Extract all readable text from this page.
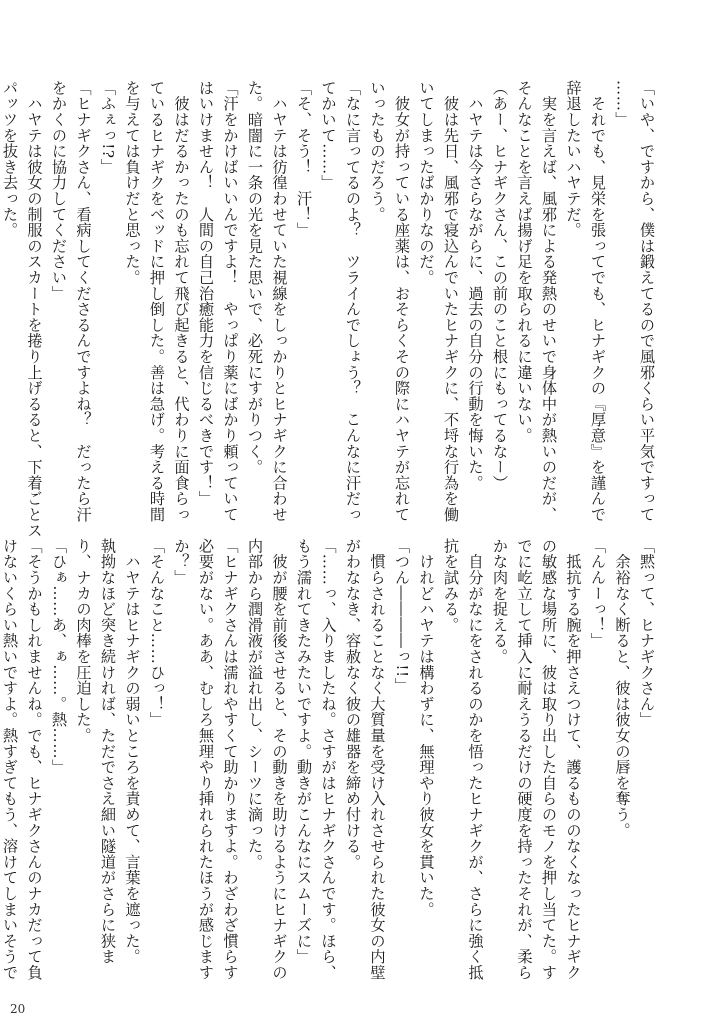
「いや、ですから、僕は鍛えてるので風邪くらい平気ですって
……」
　それでも、見栄を張ってでも、ヒナギクの『厚意』を謹んで
辞退したいハヤテだ。
　実を言えば、風邪による発熱のせいで身体中が熱いのだが、
そんなことを言えば揚げ足を取られるに違いない。
（あー、ヒナギクさん、この前のこと根にもってるなー）
　ハヤテは今さらながらに、過去の自分の行動を悔いた。
　彼は先日、風邪で寝込んでいたヒナギクに、不埒な行為を働
いてしまったばかりなのだ。
　彼女が持っている座薬は、おそらくその際にハヤテが忘れて
いったものだろう。
「なに言ってるのよ？　ツライんでしょう？　こんなに汗だっ
てかいて……」
「そ、そう！　汗！」
　ハヤテは彷徨わせていた視線をしっかりとヒナギクに合わせ
た。暗闇に一条の光を見た思いで、必死にすがりつく。
「汗をかけばいいんですよ！　やっぱり薬にばかり頼っていて
はいけません！　人間の自己治癒能力を信じるべきです！」
　彼はだるかったのも忘れて飛び起きると、代わりに面食らっ
ているヒナギクをベッドに押し倒した。善は急げ。考える時間
を与えては負けだと思った。
「ふぇっ!?」
「ヒナギクさん、看病してくださるんですよね？　だったら汗
をかくのに協力してください」
　ハヤテは彼女の制服のスカートを捲り上げるると、下着ごとス
パッツを抜き去った。
「黙って、ヒナギクさん」
　余裕なく断ると、彼は彼女の唇を奪う。
「んんーっ！」
　抵抗する腕を押さえつけて、護るもののなくなったヒナギク
の敏感な場所に、彼は取り出した自らのモノを押し当てた。す
でに屹立して挿入に耐えうるだけの硬度を持ったそれが、柔ら
かな肉を捉える。
　自分がなにをされるのかを悟ったヒナギクが、さらに強く抵
抗を試みる。
　けれどハヤテは構わずに、無理やり彼女を貫いた。
「つん――――っ!!」
　慣らされることなく大質量を受け入れさせられた彼女の内壁
がわななき、容赦なく彼の雄器を締め付ける。
「……っ、入りましたね。さすがはヒナギクさんです。ほら、
もう濡れてきたみたいですよ。動きがこんなにスムーズに」
　彼が腰を前後させると、その動きを助けるようにヒナギクの
内部から潤滑液が溢れ出し、シーツに滴った。
「ヒナギクさんは濡れやすくて助かりますよ。わざわざ慣らす
必要がない。ああ、むしろ無理やり挿れられたほうが感じます
か？」
「そんなこと……ひっ！」
　ハヤテはヒナギクの弱いところを責めて、言葉を遮った。
執拗なほど突き続ければ、ただでさえ細い隧道がさらに狭ま
り、ナカの肉棒を圧迫した。
「ひぁ……あ、ぁ……。熱……」
「そうかもしれませんね。でも、ヒナギクさんのナカだって負
けないくらい熱いですよ。熱すぎてもう、溶けてしまいそうで
20
